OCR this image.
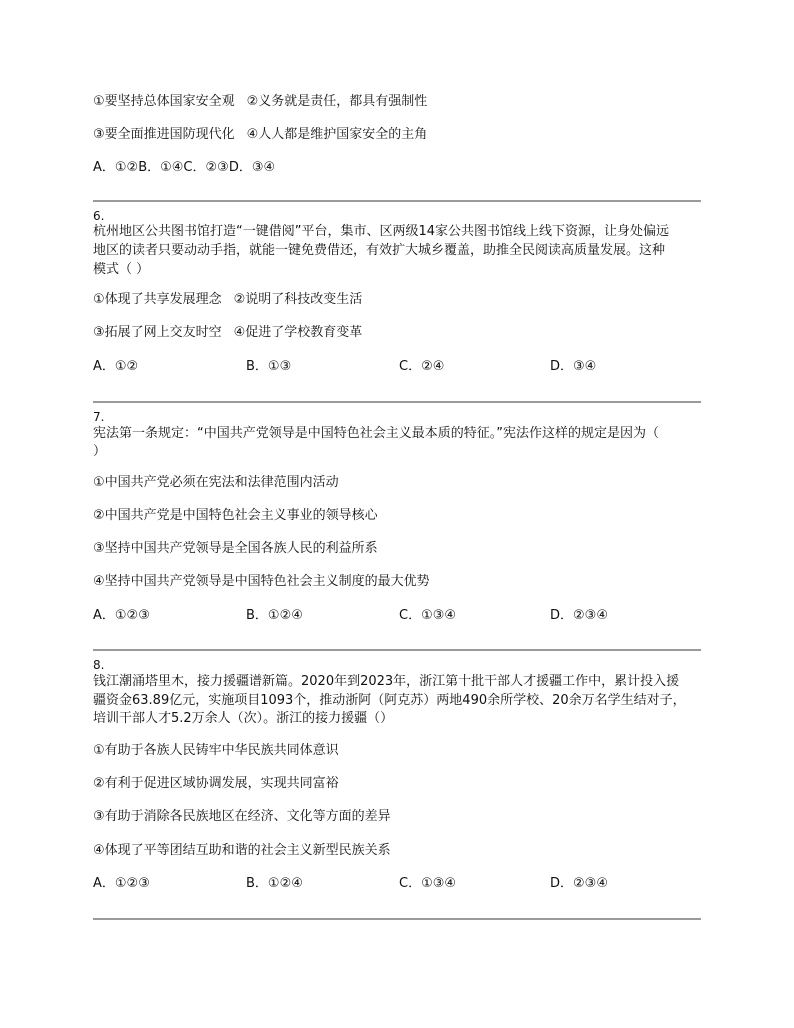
①要坚持总体国家安全观 ②义务就是责任，都具有强制性
③要全面推进国防现代化 ④人人都是维护国家安全的主角
A．①②B．①④C．②③D．③④
6.
杭州地区公共图书馆打造“一键借阅”平台，集市、区两级14家公共图书馆线上线下资源，让身处偏远
地区的读者只要动动手指，就能一键免费借还，有效扩大城乡覆盖，助推全民阅读高质量发展。这种
模式（ ）
①体现了共享发展理念 ②说明了科技改变生活
③拓展了网上交友时空 ④促进了学校教育变革
A．①②	B．①③	C．②④	D．③④
7.
宪法第一条规定：“中国共产党领导是中国特色社会主义最本质的特征。”宪法作这样的规定是因为（
）
①中国共产党必须在宪法和法律范围内活动
②中国共产党是中国特色社会主义事业的领导核心
③坚持中国共产党领导是全国各族人民的利益所系
④坚持中国共产党领导是中国特色社会主义制度的最大优势
A．①②③	B．①②④	C．①③④	D．②③④
8.
钱江潮涌塔里木，接力援疆谱新篇。2020年到2023年，浙江第十批干部人才援疆工作中，累计投入援
疆资金63.89亿元，实施项目1093个，推动浙阿（阿克苏）两地490余所学校、20余万名学生结对子，
培训干部人才5.2万余人（次）。浙江的接力援疆（）
①有助于各族人民铸牢中华民族共同体意识
②有利于促进区域协调发展，实现共同富裕
③有助于消除各民族地区在经济、文化等方面的差异
④体现了平等团结互助和谐的社会主义新型民族关系
A．①②③	B．①②④	C．①③④	D．②③④
